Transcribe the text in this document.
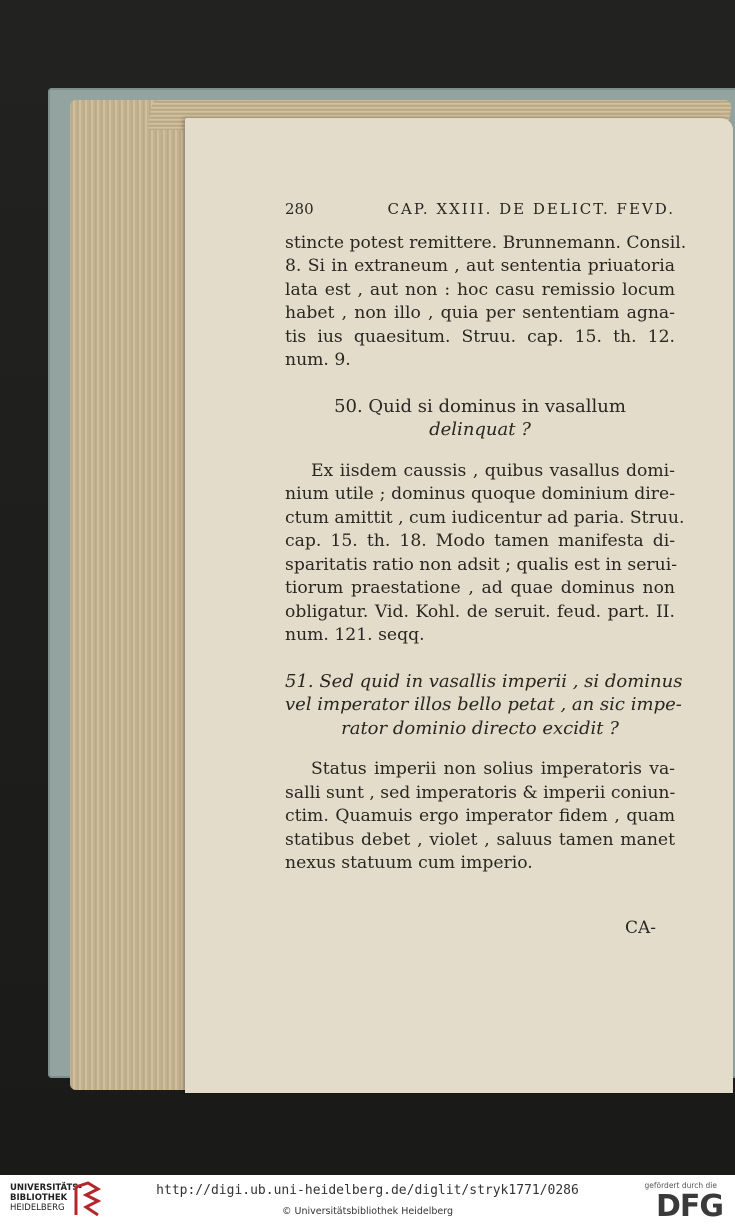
280	CAP. XXIII. DE DELICT. FEVD.
stincte potest remittere. Brunnemann. Consil.
8. Si in extraneum , aut sententia priuatoria
lata est , aut non : hoc casu remissio locum
habet , non illo , quia per sententiam agna-
tis ius quaesitum. Struu. cap. 15. th. 12.
num. 9.
50. Quid si dominus in vasallum
delinquat ?
Ex iisdem caussis , quibus vasallus domi-
nium utile ; dominus quoque dominium dire-
ctum amittit , cum iudicentur ad paria. Struu.
cap. 15. th. 18. Modo tamen manifesta di-
sparitatis ratio non adsit ; qualis est in serui-
tiorum praestatione , ad quae dominus non
obligatur. Vid. Kohl. de seruit. feud. part. II.
num. 121. seqq.
51. Sed quid in vasallis imperii , si dominus
vel imperator illos bello petat , an sic impe-
rator dominio directo excidit ?
Status imperii non solius imperatoris va-
salli sunt , sed imperatoris & imperii coniun-
ctim. Quamuis ergo imperator fidem , quam
statibus debet , violet , saluus tamen manet
nexus statuum cum imperio.
CA-
UNIVERSITÄTS-
BIBLIOTHEK
HEIDELBERG
http://digi.ub.uni-heidelberg.de/diglit/stryk1771/0286
© Universitätsbibliothek Heidelberg
gefördert durch die
DFG
